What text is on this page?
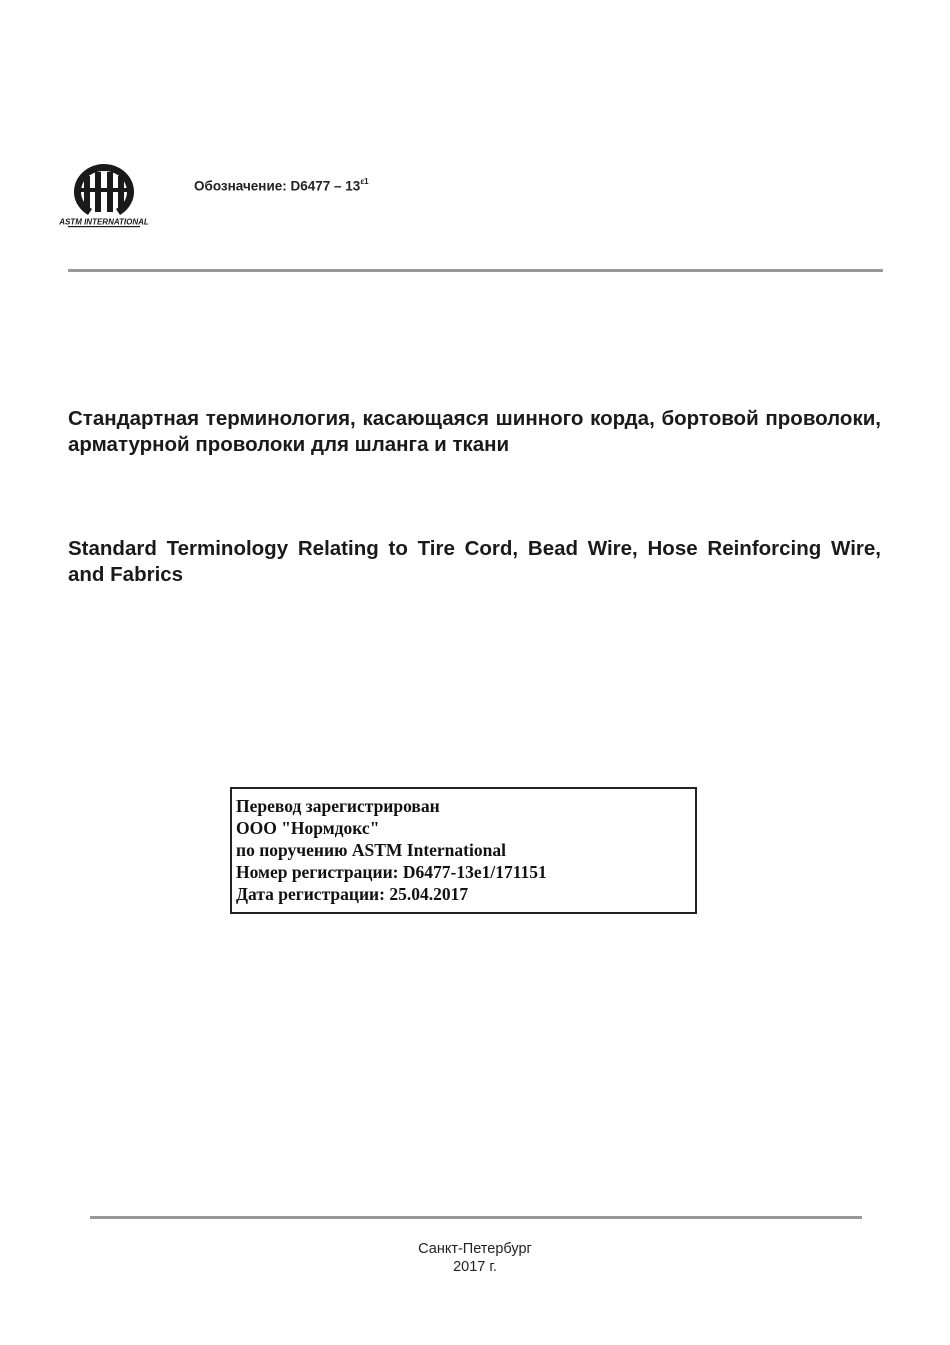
ASTM INTERNATIONAL
Обозначение: $D6477 - 13^{\varepsilon 1}$
Стандартная терминология, касающаяся шинного корда, бортовой проволоки, арматурной проволоки для шланга и ткани
Standard Terminology Relating to Tire Cord, Bead Wire, Hose Reinforcing Wire, and Fabrics
Перевод зарегистрирован
ООО "Нормдокс"
по поручению ASTM International
Номер регистрации: D6477-13e1/171151
Дата регистрации: 25.04.2017
Санкт-Петербург
2017 г.
